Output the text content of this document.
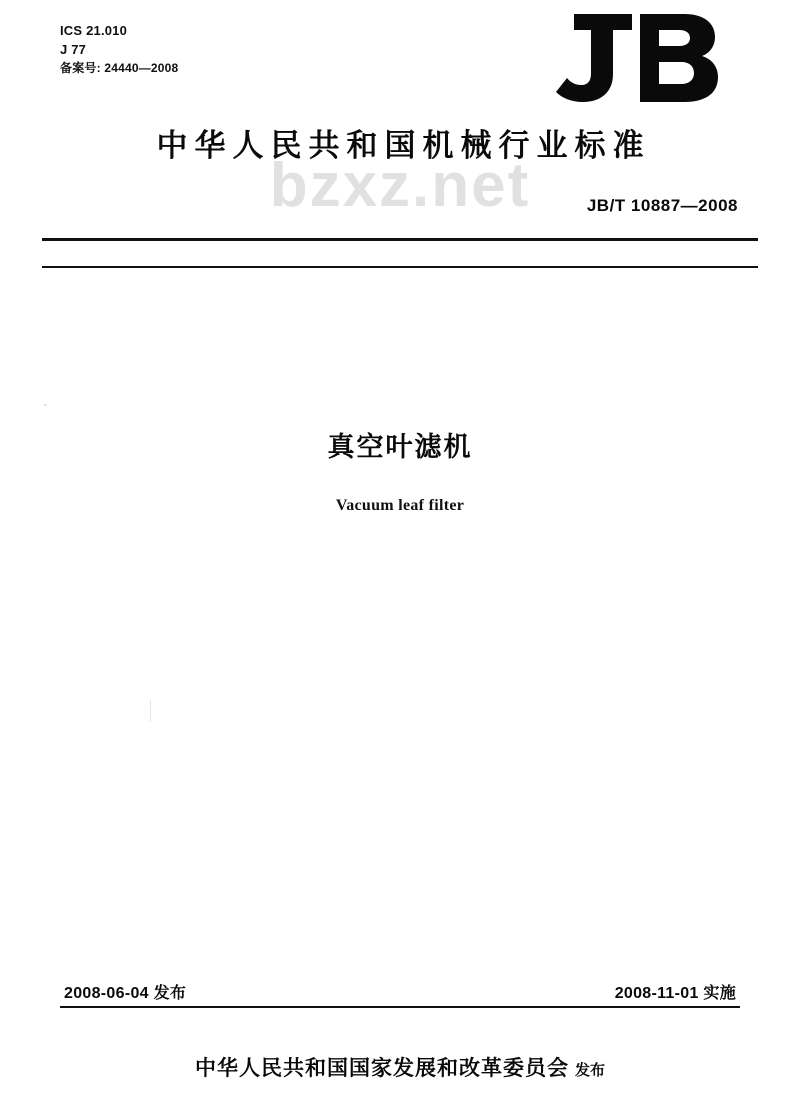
ICS 21.010
J 77
备案号: 24440—2008
中华人民共和国机械行业标准
bzxz.net	JB/T 10887—2008
真空叶滤机
Vacuum leaf filter
2008-06-04 发布	2008-11-01 实施
中华人民共和国国家发展和改革委员会 发布
